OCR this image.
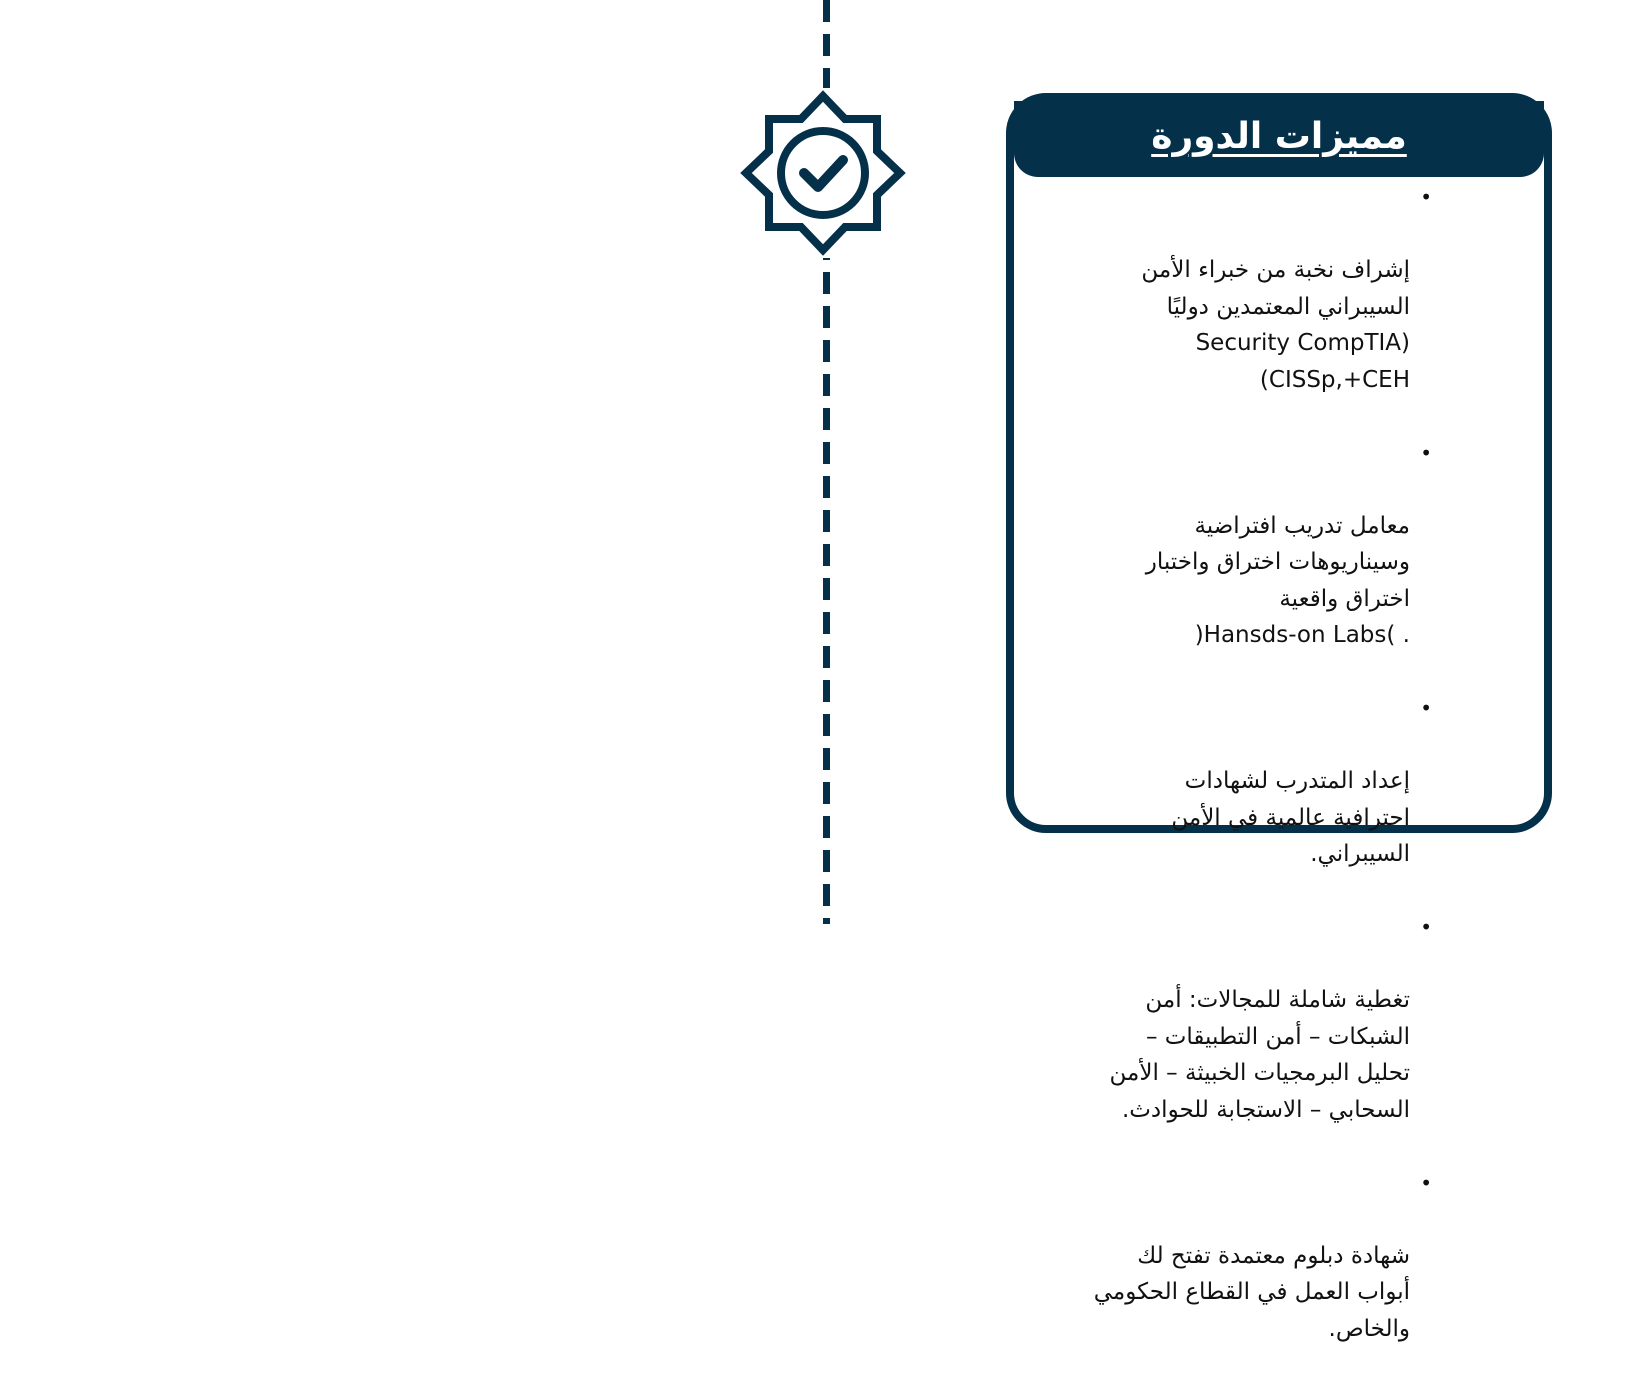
مميزات الدورة

•

إشراف نخبة من خبراء الأمن
السيبراني المعتمدين دوليًا
Security CompTIA)
(CISSp,+CEH

•

معامل تدريب افتراضية
وسيناريوهات اختراق واختبار
اختراق واقعية
(Hansds-on Labs) .

•

إعداد المتدرب لشهادات
احترافية عالمية في الأمن
السيبراني.

•

تغطية شاملة للمجالات: أمن
الشبكات – أمن التطبيقات –
تحليل البرمجيات الخبيثة – الأمن
السحابي – الاستجابة للحوادث.

•

شهادة دبلوم معتمدة تفتح لك
أبواب العمل في القطاع الحكومي
والخاص.
